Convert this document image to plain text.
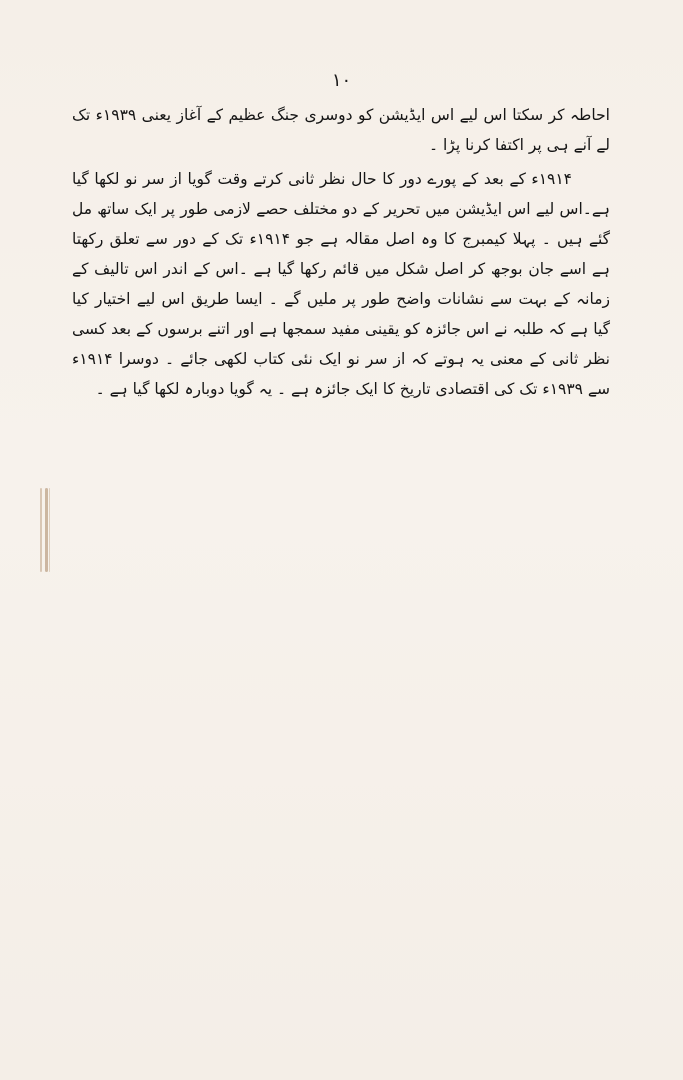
۱۰

احاطہ کر سکتا اس لیے اس ایڈیشن کو دوسری جنگ عظیم کے آغاز یعنی ۱۹۳۹ء تک لے آنے ہی پر اکتفا کرنا پڑا ۔

۱۹۱۴ء کے بعد کے پورے دور کا حال نظر ثانی کرتے وقت گویا از سر نو لکھا گیا ہے۔اس لیے اس ایڈیشن میں تحریر کے دو مختلف حصے لازمی طور پر ایک ساتھ مل گئے ہیں ۔ پہلا کیمبرج کا وہ اصل مقالہ ہے جو ۱۹۱۴ء تک کے دور سے تعلق رکھتا ہے اسے جان بوجھ کر اصل شکل میں قائم رکھا گیا ہے ۔اس کے اندر اس تالیف کے زمانہ کے بہت سے نشانات واضح طور پر ملیں گے ۔ ایسا طریق اس لیے اختیار کیا گیا ہے کہ طلبہ نے اس جائزہ کو یقینی مفید سمجھا ہے اور اتنے برسوں کے بعد کسی نظر ثانی کے معنی یہ ہوتے کہ از سر نو ایک نئی کتاب لکھی جائے ۔ دوسرا ۱۹۱۴ء سے ۱۹۳۹ء تک کی اقتصادی تاریخ کا ایک جائزہ ہے ۔ یہ گویا دوبارہ لکھا گیا ہے ۔
